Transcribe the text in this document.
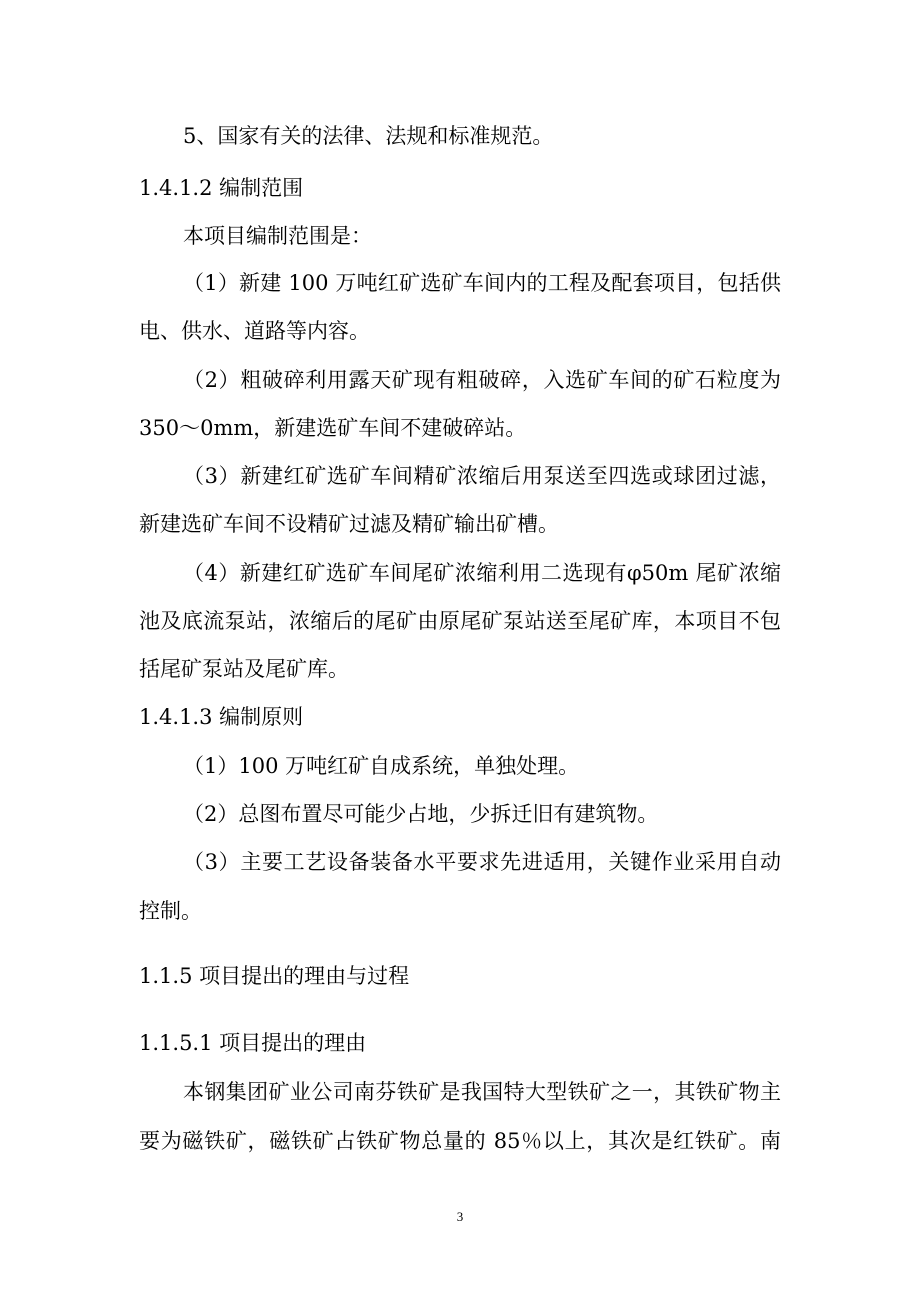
5、国家有关的法律、法规和标准规范。
1.4.1.2 编制范围
本项目编制范围是：
（1）新建 100 万吨红矿选矿车间内的工程及配套项目，包括供
电、供水、道路等内容。
（2）粗破碎利用露天矿现有粗破碎，入选矿车间的矿石粒度为
350～0mm，新建选矿车间不建破碎站。
（3）新建红矿选矿车间精矿浓缩后用泵送至四选或球团过滤，
新建选矿车间不设精矿过滤及精矿输出矿槽。
（4）新建红矿选矿车间尾矿浓缩利用二选现有φ50m 尾矿浓缩
池及底流泵站，浓缩后的尾矿由原尾矿泵站送至尾矿库，本项目不包
括尾矿泵站及尾矿库。
1.4.1.3 编制原则
（1）100 万吨红矿自成系统，单独处理。
（2）总图布置尽可能少占地，少拆迁旧有建筑物。
（3）主要工艺设备装备水平要求先进适用，关键作业采用自动
控制。
1.1.5 项目提出的理由与过程
1.1.5.1 项目提出的理由
本钢集团矿业公司南芬铁矿是我国特大型铁矿之一，其铁矿物主
要为磁铁矿，磁铁矿占铁矿物总量的 85％以上，其次是红铁矿。南
3
